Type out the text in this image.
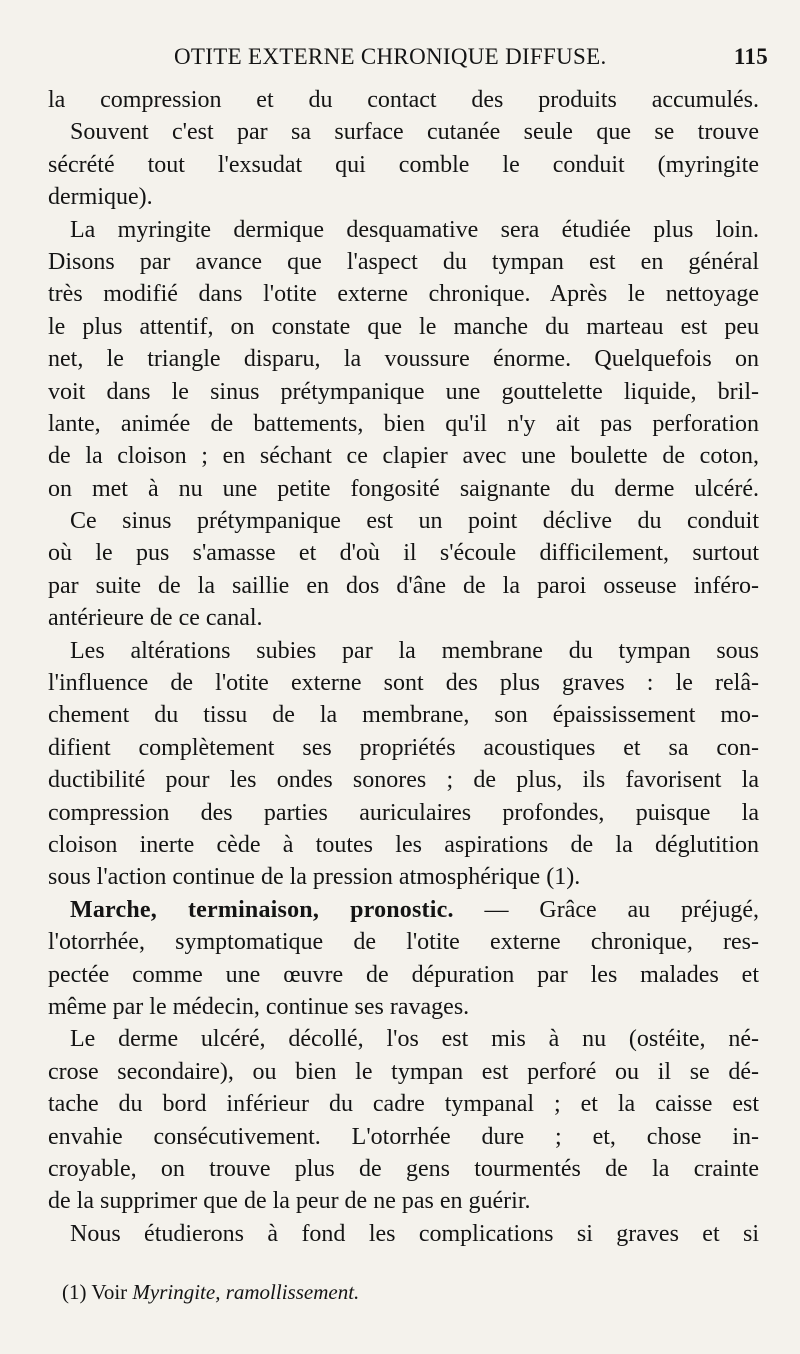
OTITE EXTERNE CHRONIQUE DIFFUSE.	115
la compression et du contact des produits accumulés.
Souvent c'est par sa surface cutanée seule que se trouve
sécrété tout l'exsudat qui comble le conduit (myringite
dermique).
La myringite dermique desquamative sera étudiée plus loin.
Disons par avance que l'aspect du tympan est en général
très modifié dans l'otite externe chronique. Après le nettoyage
le plus attentif, on constate que le manche du marteau est peu
net, le triangle disparu, la voussure énorme. Quelquefois on
voit dans le sinus prétympanique une gouttelette liquide, bril-
lante, animée de battements, bien qu'il n'y ait pas perforation
de la cloison ; en séchant ce clapier avec une boulette de coton,
on met à nu une petite fongosité saignante du derme ulcéré.
Ce sinus prétympanique est un point déclive du conduit
où le pus s'amasse et d'où il s'écoule difficilement, surtout
par suite de la saillie en dos d'âne de la paroi osseuse inféro-
antérieure de ce canal.
Les altérations subies par la membrane du tympan sous
l'influence de l'otite externe sont des plus graves : le relâ-
chement du tissu de la membrane, son épaississement mo-
difient complètement ses propriétés acoustiques et sa con-
ductibilité pour les ondes sonores ; de plus, ils favorisent la
compression des parties auriculaires profondes, puisque la
cloison inerte cède à toutes les aspirations de la déglutition
sous l'action continue de la pression atmosphérique (1).
Marche, terminaison, pronostic. — Grâce au préjugé,
l'otorrhée, symptomatique de l'otite externe chronique, res-
pectée comme une œuvre de dépuration par les malades et
même par le médecin, continue ses ravages.
Le derme ulcéré, décollé, l'os est mis à nu (ostéite, né-
crose secondaire), ou bien le tympan est perforé ou il se dé-
tache du bord inférieur du cadre tympanal ; et la caisse est
envahie consécutivement. L'otorrhée dure ; et, chose in-
croyable, on trouve plus de gens tourmentés de la crainte
de la supprimer que de la peur de ne pas en guérir.
Nous étudierons à fond les complications si graves et si
(1) Voir Myringite, ramollissement.
